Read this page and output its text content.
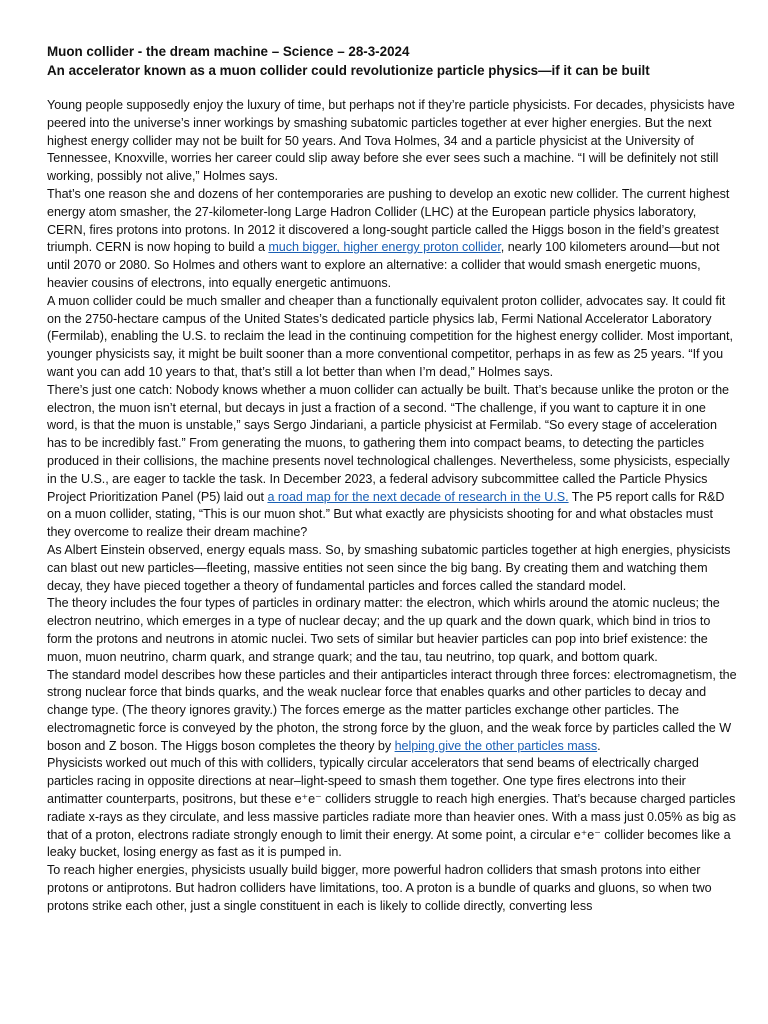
Muon collider - the dream machine – Science – 28-3-2024
An accelerator known as a muon collider could revolutionize particle physics—if it can be built

Young people supposedly enjoy the luxury of time, but perhaps not if they’re particle physicists. For decades, physicists have peered into the universe’s inner workings by smashing subatomic particles together at ever higher energies. But the next highest energy collider may not be built for 50 years. And Tova Holmes, 34 and a particle physicist at the University of Tennessee, Knoxville, worries her career could slip away before she ever sees such a machine. “I will be definitely not still working, possibly not alive,” Holmes says.

That’s one reason she and dozens of her contemporaries are pushing to develop an exotic new collider. The current highest energy atom smasher, the 27-kilometer-long Large Hadron Collider (LHC) at the European particle physics laboratory, CERN, fires protons into protons. In 2012 it discovered a long-sought particle called the Higgs boson in the field’s greatest triumph. CERN is now hoping to build a much bigger, higher energy proton collider, nearly 100 kilometers around—but not until 2070 or 2080. So Holmes and others want to explore an alternative: a collider that would smash energetic muons, heavier cousins of electrons, into equally energetic antimuons.

A muon collider could be much smaller and cheaper than a functionally equivalent proton collider, advocates say. It could fit on the 2750-hectare campus of the United States’s dedicated particle physics lab, Fermi National Accelerator Laboratory (Fermilab), enabling the U.S. to reclaim the lead in the continuing competition for the highest energy collider. Most important, younger physicists say, it might be built sooner than a more conventional competitor, perhaps in as few as 25 years. “If you want you can add 10 years to that, that’s still a lot better than when I’m dead,” Holmes says.

There’s just one catch: Nobody knows whether a muon collider can actually be built. That’s because unlike the proton or the electron, the muon isn’t eternal, but decays in just a fraction of a second. “The challenge, if you want to capture it in one word, is that the muon is unstable,” says Sergo Jindariani, a particle physicist at Fermilab. “So every stage of acceleration has to be incredibly fast.” From generating the muons, to gathering them into compact beams, to detecting the particles produced in their collisions, the machine presents novel technological challenges. Nevertheless, some physicists, especially in the U.S., are eager to tackle the task. In December 2023, a federal advisory subcommittee called the Particle Physics Project Prioritization Panel (P5) laid out a road map for the next decade of research in the U.S. The P5 report calls for R&D on a muon collider, stating, “This is our muon shot.” But what exactly are physicists shooting for and what obstacles must they overcome to realize their dream machine?

As Albert Einstein observed, energy equals mass. So, by smashing subatomic particles together at high energies, physicists can blast out new particles—fleeting, massive entities not seen since the big bang. By creating them and watching them decay, they have pieced together a theory of fundamental particles and forces called the standard model.

The theory includes the four types of particles in ordinary matter: the electron, which whirls around the atomic nucleus; the electron neutrino, which emerges in a type of nuclear decay; and the up quark and the down quark, which bind in trios to form the protons and neutrons in atomic nuclei. Two sets of similar but heavier particles can pop into brief existence: the muon, muon neutrino, charm quark, and strange quark; and the tau, tau neutrino, top quark, and bottom quark.

The standard model describes how these particles and their antiparticles interact through three forces: electromagnetism, the strong nuclear force that binds quarks, and the weak nuclear force that enables quarks and other particles to decay and change type. (The theory ignores gravity.) The forces emerge as the matter particles exchange other particles. The electromagnetic force is conveyed by the photon, the strong force by the gluon, and the weak force by particles called the W boson and Z boson. The Higgs boson completes the theory by helping give the other particles mass.

Physicists worked out much of this with colliders, typically circular accelerators that send beams of electrically charged particles racing in opposite directions at near–light-speed to smash them together. One type fires electrons into their antimatter counterparts, positrons, but these e⁺e⁻ colliders struggle to reach high energies. That’s because charged particles radiate x-rays as they circulate, and less massive particles radiate more than heavier ones. With a mass just 0.05% as big as that of a proton, electrons radiate strongly enough to limit their energy. At some point, a circular e⁺e⁻ collider becomes like a leaky bucket, losing energy as fast as it is pumped in.

To reach higher energies, physicists usually build bigger, more powerful hadron colliders that smash protons into either protons or antiprotons. But hadron colliders have limitations, too. A proton is a bundle of quarks and gluons, so when two protons strike each other, just a single constituent in each is likely to collide directly, converting less
